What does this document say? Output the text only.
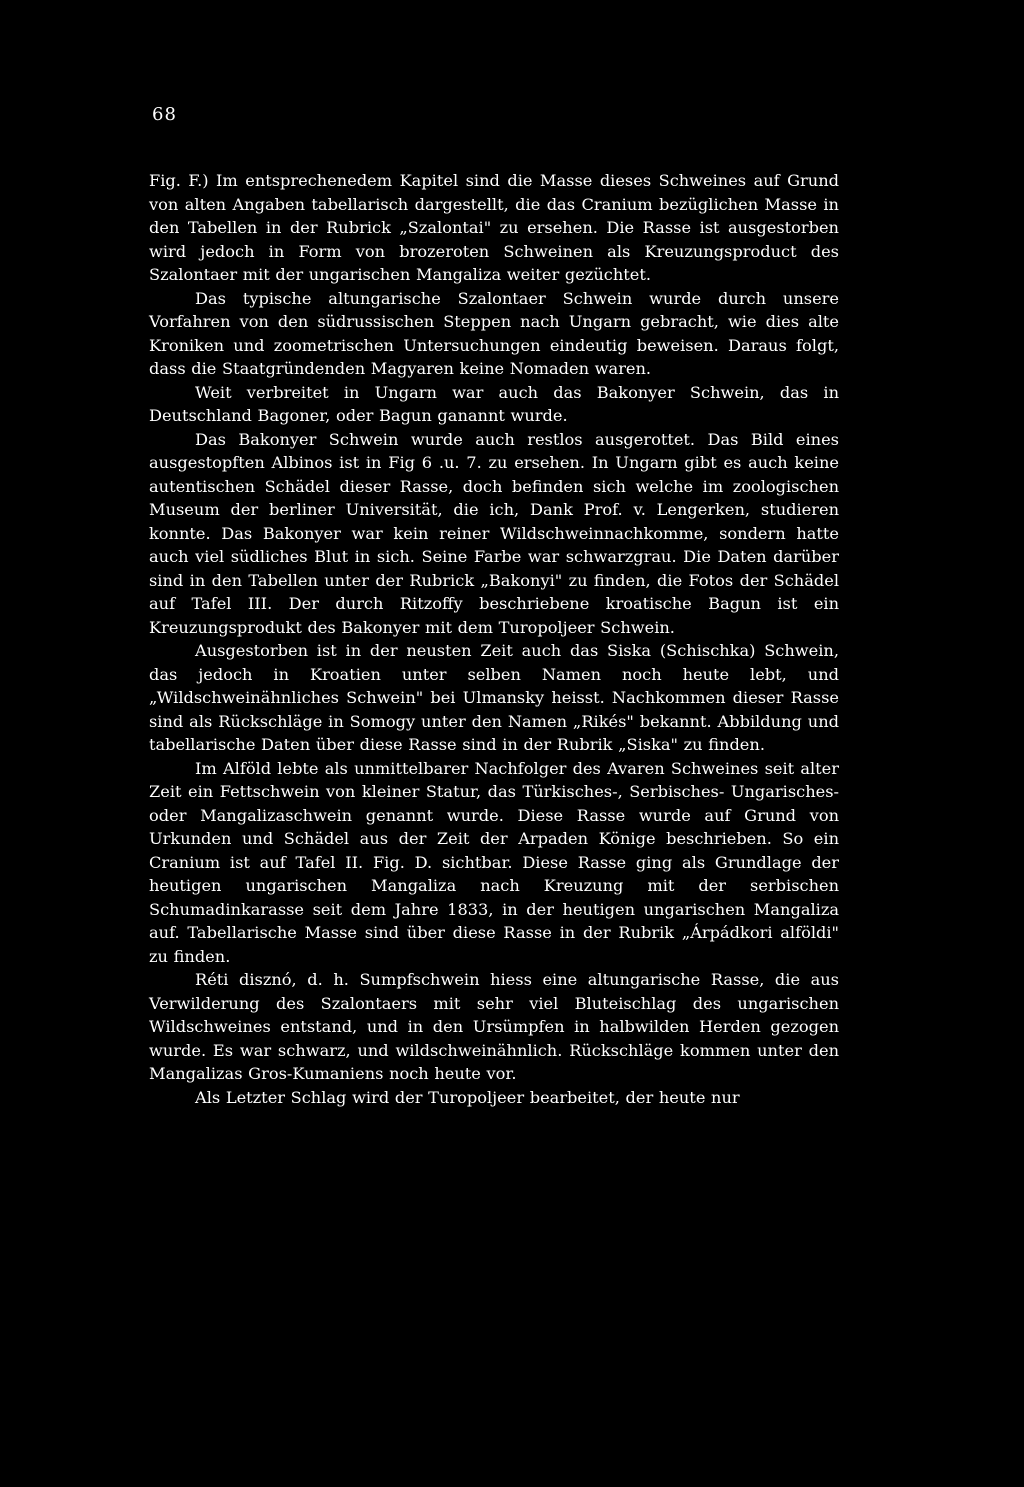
68

Fig. F.) Im entsprechenedem Kapitel sind die Masse dieses Schweines auf Grund von alten Angaben tabellarisch dargestellt, die das Cranium bezüglichen Masse in den Tabellen in der Rubrick „Szalontai" zu ersehen. Die Rasse ist ausgestorben wird jedoch in Form von brozeroten Schweinen als Kreuzungsproduct des Szalontaer mit der ungarischen Mangaliza weiter gezüchtet.

Das typische altungarische Szalontaer Schwein wurde durch unsere Vorfahren von den südrussischen Steppen nach Ungarn gebracht, wie dies alte Kroniken und zoometrischen Untersuchungen eindeutig beweisen. Daraus folgt, dass die Staatgründenden Magyaren keine Nomaden waren.

Weit verbreitet in Ungarn war auch das Bakonyer Schwein, das in Deutschland Bagoner, oder Bagun ganannt wurde.

Das Bakonyer Schwein wurde auch restlos ausgerottet. Das Bild eines ausgestopften Albinos ist in Fig 6 .u. 7. zu ersehen. In Ungarn gibt es auch keine autentischen Schädel dieser Rasse, doch befinden sich welche im zoologischen Museum der berliner Universität, die ich, Dank Prof. v. Lengerken, studieren konnte. Das Bakonyer war kein reiner Wildschweinnachkomme, sondern hatte auch viel südliches Blut in sich. Seine Farbe war schwarzgrau. Die Daten darüber sind in den Tabellen unter der Rubrick „Bakonyi" zu finden, die Fotos der Schädel auf Tafel III. Der durch Ritzoffy beschriebene kroatische Bagun ist ein Kreuzungsprodukt des Bakonyer mit dem Turopoljeer Schwein.

Ausgestorben ist in der neusten Zeit auch das Siska (Schischka) Schwein, das jedoch in Kroatien unter selben Namen noch heute lebt, und „Wildschweinähnliches Schwein" bei Ulmansky heisst. Nachkommen dieser Rasse sind als Rückschläge in Somogy unter den Namen „Rikés" bekannt. Abbildung und tabellarische Daten über diese Rasse sind in der Rubrik „Siska" zu finden.

Im Alföld lebte als unmittelbarer Nachfolger des Avaren Schweines seit alter Zeit ein Fettschwein von kleiner Statur, das Türkisches-, Serbisches- Ungarisches- oder Mangalizaschwein genannt wurde. Diese Rasse wurde auf Grund von Urkunden und Schädel aus der Zeit der Arpaden Könige beschrieben. So ein Cranium ist auf Tafel II. Fig. D. sichtbar. Diese Rasse ging als Grundlage der heutigen ungarischen Mangaliza nach Kreuzung mit der serbischen Schumadinkarasse seit dem Jahre 1833, in der heutigen ungarischen Mangaliza auf. Tabellarische Masse sind über diese Rasse in der Rubrik „Árpádkori alföldi" zu finden.

Réti disznó, d. h. Sumpfschwein hiess eine altungarische Rasse, die aus Verwilderung des Szalontaers mit sehr viel Bluteischlag des ungarischen Wildschweines entstand, und in den Ursümpfen in halbwilden Herden gezogen wurde. Es war schwarz, und wildschweinähnlich. Rückschläge kommen unter den Mangalizas Gros-Kumaniens noch heute vor.

Als Letzter Schlag wird der Turopoljeer bearbeitet, der heute nur
